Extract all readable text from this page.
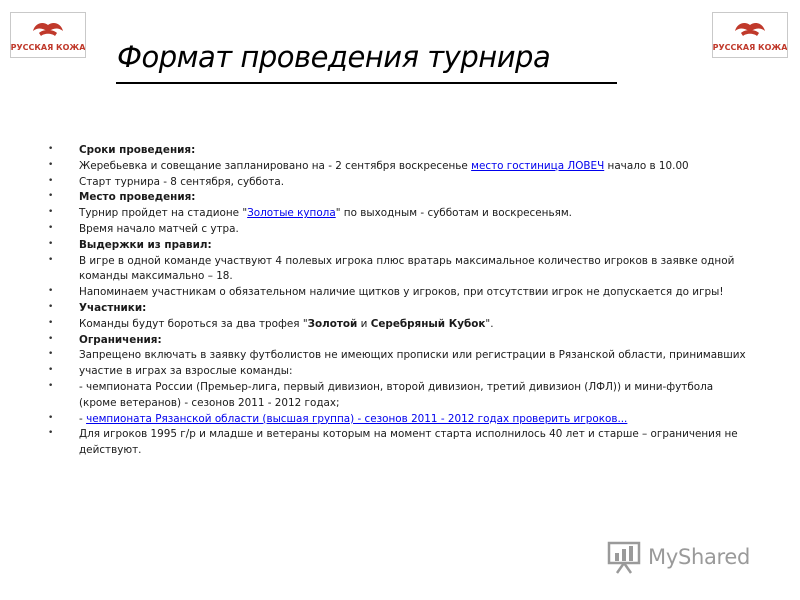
РУССКАЯ КОЖА	РУССКАЯ КОЖА
Формат проведения турнира
• Сроки проведения:
• Жеребьевка и совещание запланировано на - 2 сентября воскресенье место гостиница ЛОВЕЧ начало в 10.00
• Старт турнира - 8 сентября, суббота.
• Место проведения:
• Турнир пройдет на стадионе "Золотые купола" по выходным - субботам и воскресеньям.
• Время начало матчей с утра.
• Выдержки из правил:
• В игре в одной команде участвуют 4 полевых игрока плюс вратарь максимальное количество игроков в заявке одной команды максимально – 18.
• Напоминаем участникам о обязательном наличие щитков у игроков, при отсутствии игрок не допускается до игры!
• Участники:
• Команды будут бороться за два трофея "Золотой и Серебряный Кубок".
• Ограничения:
• Запрещено включать в заявку футболистов не имеющих прописки или регистрации в Рязанской области, принимавших
• участие в играх за взрослые команды:
• - чемпионата России (Премьер-лига, первый дивизион, второй дивизион, третий дивизион (ЛФЛ)) и мини-футбола (кроме ветеранов) - сезонов 2011 - 2012 годах;
• - чемпионата Рязанской области (высшая группа) - сезонов 2011 - 2012 годах проверить игроков...
• Для игроков 1995 г/р и младше и ветераны которым на момент старта исполнилось 40 лет и старше – ограничения не действуют.
MyShared
